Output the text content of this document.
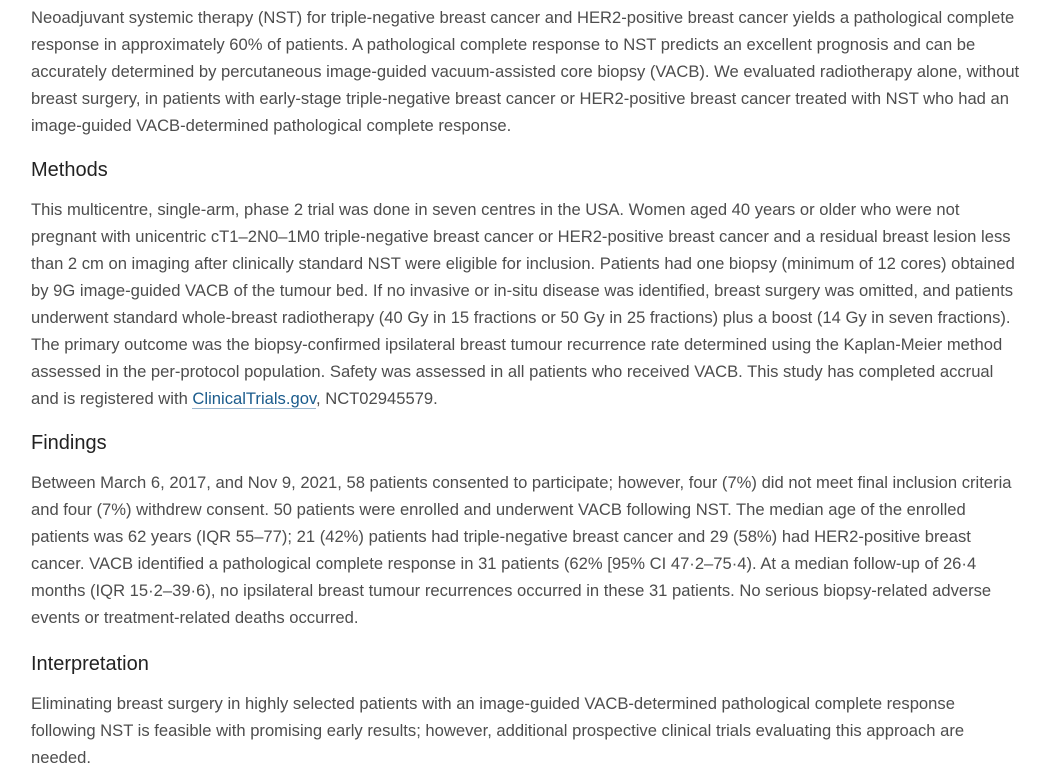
Neoadjuvant systemic therapy (NST) for triple-negative breast cancer and HER2-positive breast cancer yields a pathological complete response in approximately 60% of patients. A pathological complete response to NST predicts an excellent prognosis and can be accurately determined by percutaneous image-guided vacuum-assisted core biopsy (VACB). We evaluated radiotherapy alone, without breast surgery, in patients with early-stage triple-negative breast cancer or HER2-positive breast cancer treated with NST who had an image-guided VACB-determined pathological complete response.

Methods

This multicentre, single-arm, phase 2 trial was done in seven centres in the USA. Women aged 40 years or older who were not pregnant with unicentric cT1–2N0–1M0 triple-negative breast cancer or HER2-positive breast cancer and a residual breast lesion less than 2 cm on imaging after clinically standard NST were eligible for inclusion. Patients had one biopsy (minimum of 12 cores) obtained by 9G image-guided VACB of the tumour bed. If no invasive or in-situ disease was identified, breast surgery was omitted, and patients underwent standard whole-breast radiotherapy (40 Gy in 15 fractions or 50 Gy in 25 fractions) plus a boost (14 Gy in seven fractions). The primary outcome was the biopsy-confirmed ipsilateral breast tumour recurrence rate determined using the Kaplan-Meier method assessed in the per-protocol population. Safety was assessed in all patients who received VACB. This study has completed accrual and is registered with ClinicalTrials.gov, NCT02945579.

Findings

Between March 6, 2017, and Nov 9, 2021, 58 patients consented to participate; however, four (7%) did not meet final inclusion criteria and four (7%) withdrew consent. 50 patients were enrolled and underwent VACB following NST. The median age of the enrolled patients was 62 years (IQR 55–77); 21 (42%) patients had triple-negative breast cancer and 29 (58%) had HER2-positive breast cancer. VACB identified a pathological complete response in 31 patients (62% [95% CI 47·2–75·4). At a median follow-up of 26·4 months (IQR 15·2–39·6), no ipsilateral breast tumour recurrences occurred in these 31 patients. No serious biopsy-related adverse events or treatment-related deaths occurred.

Interpretation

Eliminating breast surgery in highly selected patients with an image-guided VACB-determined pathological complete response following NST is feasible with promising early results; however, additional prospective clinical trials evaluating this approach are needed.
